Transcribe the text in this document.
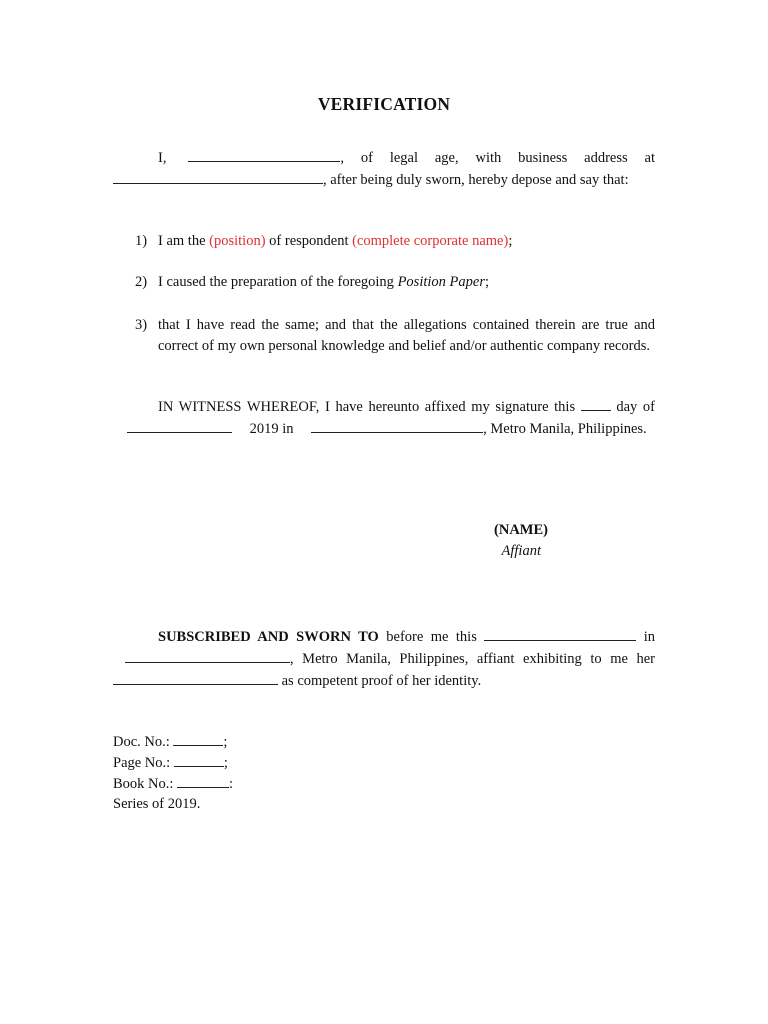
VERIFICATION

I,	, of legal age, with business address at , after being duly sworn, hereby depose and say that:

1) I am the (position) of respondent (complete corporate name);
2) I caused the preparation of the foregoing Position Paper;
3) that I have read the same; and that the allegations contained therein are true and correct of my own personal knowledge and belief and/or authentic company records.

IN WITNESS WHEREOF, I have hereunto affixed my signature this	day of  2019 in	, Metro Manila, Philippines.

(NAME)
Affiant

SUBSCRIBED AND SWORN TO before me this	in , Metro Manila, Philippines, affiant exhibiting to me her  as competent proof of her identity.

Doc. No.:	;
Page No.:	;
Book No.:	:
Series of 2019.
